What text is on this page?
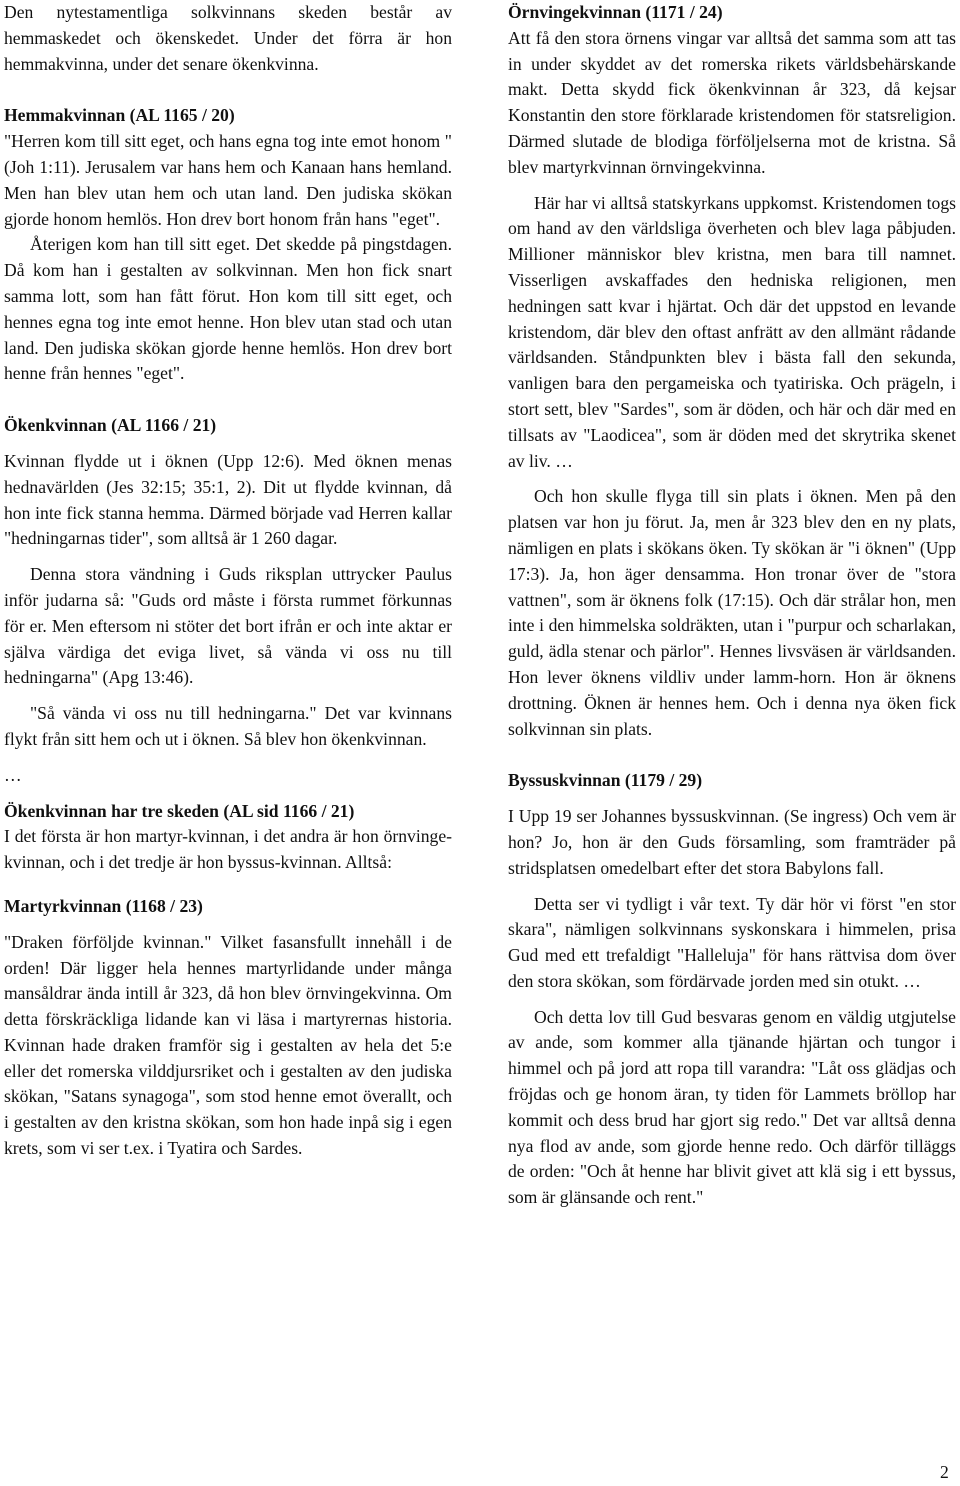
Den nytestamentliga solkvinnans skeden består av hemmaskedet och ökenskedet. Under det förra är hon hemmakvinna, under det senare ökenkvinna.

Hemmakvinnan (AL 1165 / 20)

"Herren kom till sitt eget, och hans egna tog inte emot honom " (Joh 1:11). Jerusalem var hans hem och Kanaan hans hemland. Men han blev utan hem och utan land. Den judiska skökan gjorde honom hemlös. Hon drev bort honom från hans "eget".

Återigen kom han till sitt eget. Det skedde på pingstdagen. Då kom han i gestalten av solkvinnan. Men hon fick snart samma lott, som han fått förut. Hon kom till sitt eget, och hennes egna tog inte emot henne. Hon blev utan stad och utan land. Den judiska skökan gjorde henne hemlös. Hon drev bort henne från hennes "eget".

Ökenkvinnan (AL 1166 / 21)

Kvinnan flydde ut i öknen (Upp 12:6). Med öknen menas hednavärlden (Jes 32:15; 35:1, 2). Dit ut flydde kvinnan, då hon inte fick stanna hemma. Därmed började vad Herren kallar "hedningarnas tider", som alltså är 1 260 dagar.

Denna stora vändning i Guds riksplan uttrycker Paulus inför judarna så: "Guds ord måste i första rummet förkunnas för er. Men eftersom ni stöter det bort ifrån er och inte aktar er själva värdiga det eviga livet, så vända vi oss nu till hedningarna" (Apg 13:46).

"Så vända vi oss nu till hedningarna." Det var kvinnans flykt från sitt hem och ut i öknen. Så blev hon ökenkvinnan.

…

Ökenkvinnan har tre skeden (AL sid 1166 / 21)

I det första är hon martyr-kvinnan, i det andra är hon örnvinge-kvinnan, och i det tredje är hon byssus-kvinnan. Alltså:

Martyrkvinnan (1168 / 23)

"Draken förföljde kvinnan." Vilket fasansfullt innehåll i de orden! Där ligger hela hennes martyrlidande under många mansåldrar ända intill år 323, då hon blev örnvingekvinna. Om detta förskräckliga lidande kan vi läsa i martyrernas historia. Kvinnan hade draken framför sig i gestalten av hela det 5:e eller det romerska vilddjursriket och i gestalten av den judiska skökan, "Satans synagoga", som stod henne emot överallt, och i gestalten av den kristna skökan, som hon hade inpå sig i egen krets, som vi ser t.ex. i Tyatira och Sardes.

Örnvingekvinnan (1171 / 24)

Att få den stora örnens vingar var alltså det samma som att tas in under skyddet av det romerska rikets världsbehärskande makt. Detta skydd fick ökenkvinnan år 323, då kejsar Konstantin den store förklarade kristendomen för statsreligion. Därmed slutade de blodiga förföljelserna mot de kristna. Så blev martyrkvinnan örnvingekvinna.

Här har vi alltså statskyrkans uppkomst. Kristendomen togs om hand av den världsliga överheten och blev laga påbjuden. Millioner människor blev kristna, men bara till namnet. Visserligen avskaffades den hedniska religionen, men hedningen satt kvar i hjärtat. Och där det uppstod en levande kristendom, där blev den oftast anfrätt av den allmänt rådande världsanden. Ståndpunkten blev i bästa fall den sekunda, vanligen bara den pergameiska och tyatiriska. Och prägeln, i stort sett, blev "Sardes", som är döden, och här och där med en tillsats av "Laodicea", som är döden med det skrytrika skenet av liv. …

Och hon skulle flyga till sin plats i öknen. Men på den platsen var hon ju förut. Ja, men år 323 blev den en ny plats, nämligen en plats i skökans öken. Ty skökan är "i öknen" (Upp 17:3). Ja, hon äger densamma. Hon tronar över de "stora vattnen", som är öknens folk (17:15). Och där strålar hon, men inte i den himmelska soldräkten, utan i "purpur och scharlakan, guld, ädla stenar och pärlor". Hennes livsväsen är världsanden. Hon lever öknens vildliv under lamm-horn. Hon är öknens drottning. Öknen är hennes hem. Och i denna nya öken fick solkvinnan sin plats.

Byssuskvinnan (1179 / 29)

I Upp 19 ser Johannes byssuskvinnan. (Se ingress) Och vem är hon? Jo, hon är den Guds församling, som framträder på stridsplatsen omedelbart efter det stora Babylons fall.

Detta ser vi tydligt i vår text. Ty där hör vi först "en stor skara", nämligen solkvinnans syskonskara i himmelen, prisa Gud med ett trefaldigt "Halleluja" för hans rättvisa dom över den stora skökan, som fördärvade jorden med sin otukt. …

Och detta lov till Gud besvaras genom en väldig utgjutelse av ande, som kommer alla tjänande hjärtan och tungor i himmel och på jord att ropa till varandra: "Låt oss glädjas och fröjdas och ge honom äran, ty tiden för Lammets bröllop har kommit och dess brud har gjort sig redo." Det var alltså denna nya flod av ande, som gjorde henne redo. Och därför tilläggs de orden: "Och åt henne har blivit givet att klä sig i ett byssus, som är glänsande och rent."

2
